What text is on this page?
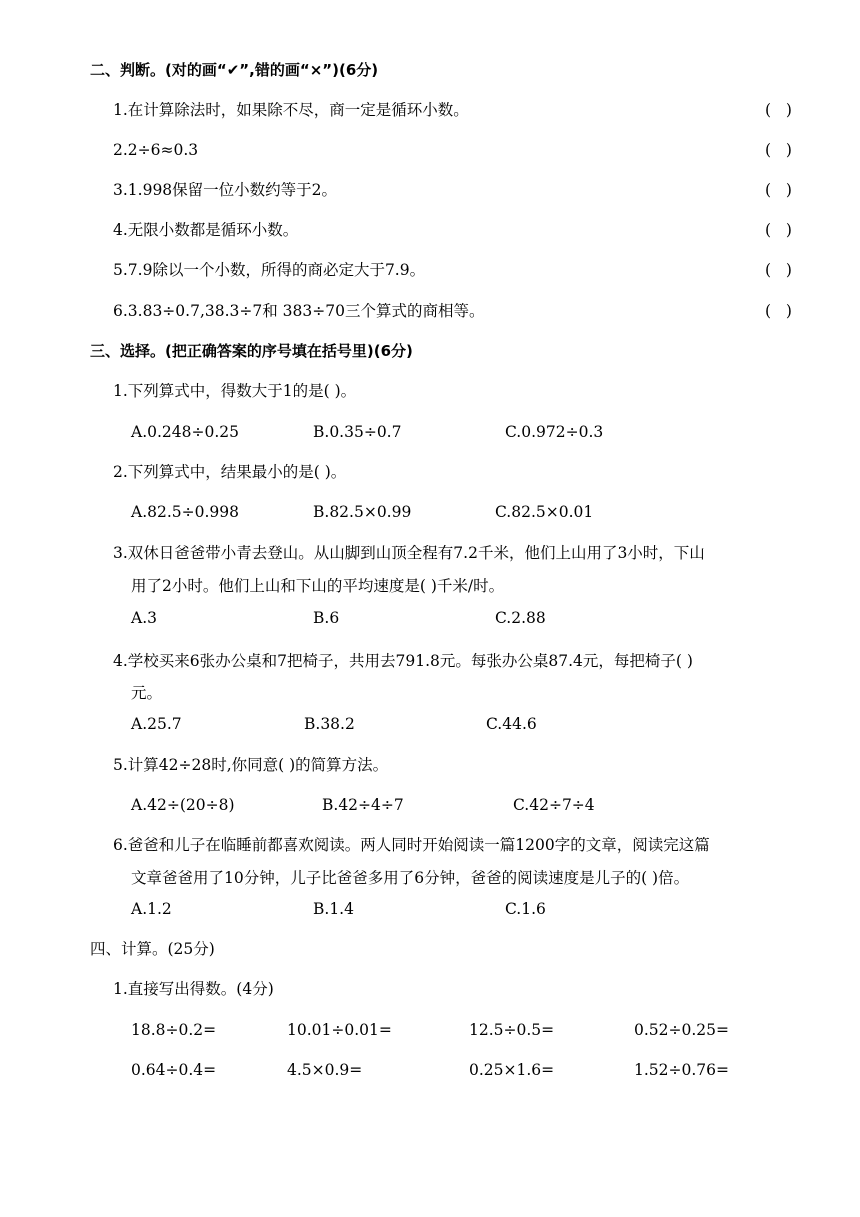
二、判断。(对的画“✔”,错的画“×”)(6分)
1.在计算除法时，如果除不尽，商一定是循环小数。	(   )
2.2÷6≈0.3	(   )
3.1.998保留一位小数约等于2。	(   )
4.无限小数都是循环小数。	(   )
5.7.9除以一个小数，所得的商必定大于7.9。	(   )
6.3.83÷0.7,38.3÷7和 383÷70三个算式的商相等。	(   )
三、选择。(把正确答案的序号填在括号里)(6分)
1.下列算式中，得数大于1的是( )。
A.0.248÷0.25	B.0.35÷0.7	C.0.972÷0.3
2.下列算式中，结果最小的是( )。
A.82.5÷0.998	B.82.5×0.99	C.82.5×0.01
3.双休日爸爸带小青去登山。从山脚到山顶全程有7.2千米，他们上山用了3小时，下山
用了2小时。他们上山和下山的平均速度是( )千米/时。
A.3	B.6	C.2.88
4.学校买来6张办公桌和7把椅子，共用去791.8元。每张办公桌87.4元，每把椅子( )
元。
A.25.7	B.38.2	C.44.6
5.计算42÷28时,你同意( )的简算方法。
A.42÷(20÷8)	B.42÷4÷7	C.42÷7÷4
6.爸爸和儿子在临睡前都喜欢阅读。两人同时开始阅读一篇1200字的文章，阅读完这篇
文章爸爸用了10分钟，儿子比爸爸多用了6分钟，爸爸的阅读速度是儿子的( )倍。
A.1.2	B.1.4	C.1.6
四、计算。(25分)
1.直接写出得数。(4分)
18.8÷0.2=	10.01÷0.01=	12.5÷0.5=	0.52÷0.25=
0.64÷0.4=	4.5×0.9=	0.25×1.6=	1.52÷0.76=
